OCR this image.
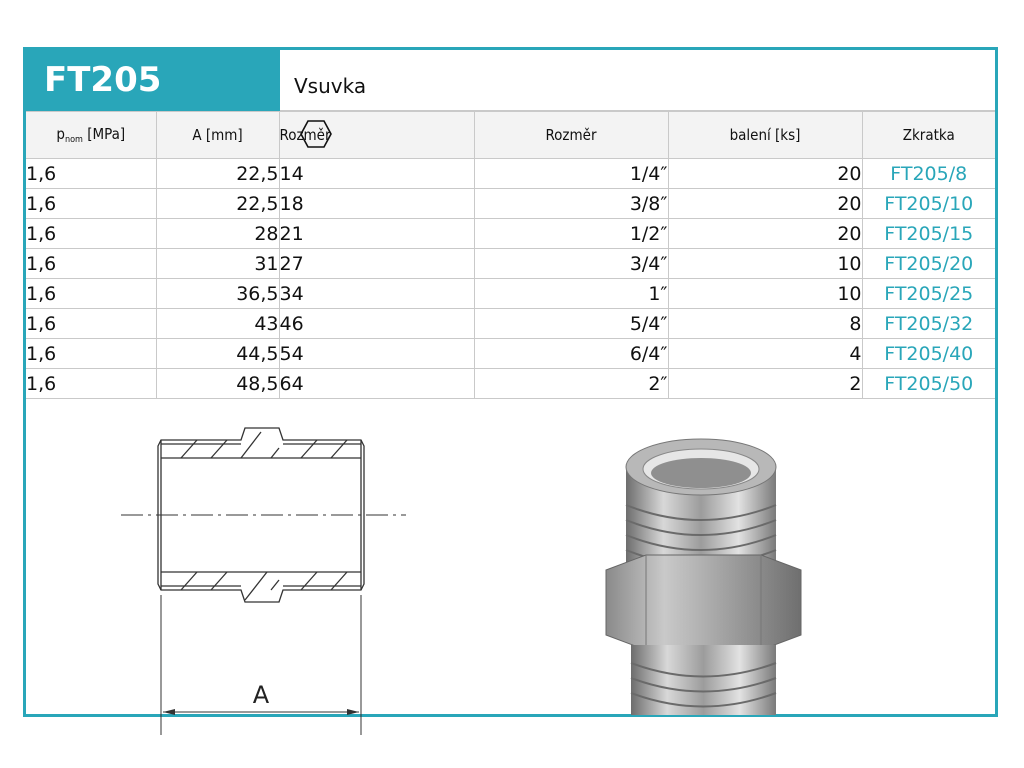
FT205	Vsuvka
$p_{nom}$ [MPa]	A [mm]	Rozměr	Rozměr	balení [ks]	Zkratka
1,6	22,5	14	1/4″	20	FT205/8
1,6	22,5	18	3/8″	20	FT205/10
1,6	28	21	1/2″	20	FT205/15
1,6	31	27	3/4″	10	FT205/20
1,6	36,5	34	1″	10	FT205/25
1,6	43	46	5/4″	8	FT205/32
1,6	44,5	54	6/4″	4	FT205/40
1,6	48,5	64	2″	2	FT205/50
A
